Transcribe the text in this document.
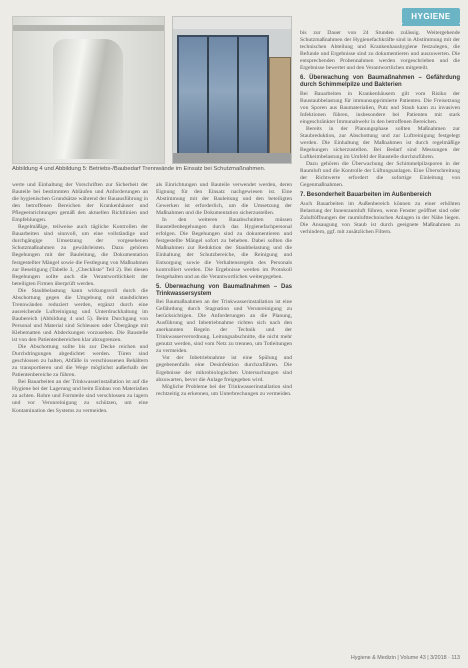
Abbildung 4 und Abbildung 5: Betriebs-/Baubedarf Trennwände im Einsatz bei Schutzmaßnahmen.
HYGIENE

werte und Einhaltung der Vorschriften zur Sicherheit der Bauteile bei bestimmten Abläufen und Anforderungen an die hygienischen Grundsätze während der Bauausführung in den betroffenen Bereichen der Krankenhäuser und Pflegeeinrichtungen gemäß den aktuellen Richtlinien und Empfehlungen.

Regelmäßige, teilweise auch tägliche Kontrollen der Bauarbeiten sind sinnvoll, um eine vollständige und durchgängige Umsetzung der vorgesehenen Schutzmaßnahmen zu gewährleisten. Dazu gehören Begehungen mit der Bauleitung, die Dokumentation festgestellter Mängel sowie die Festlegung von Maßnahmen zur Beseitigung (Tabelle 3, „Checkliste" Teil 2). Bei diesen Begehungen sollte auch die Verantwortlichkeit der beteiligten Firmen überprüft werden.

Die Staubbelastung kann wirkungsvoll durch die Abschottung gegen die Umgebung mit staubdichten Trennwänden reduziert werden, ergänzt durch eine ausreichende Luftreinigung und Unterdruckhaltung im Baubereich (Abbildung 4 und 5). Beim Durchgang von Personal und Material sind Schleusen oder Übergänge mit Klebematten und Abdeckungen vorzusehen. Die Baustelle ist von den Patientenbereichen klar abzugrenzen.

Die Abschottung sollte bis zur Decke reichen und Durchdringungen abgedichtet werden. Türen sind geschlossen zu halten, Abfälle in verschlossenen Behältern zu transportieren und die Wege möglichst außerhalb der Patientenbereiche zu führen.

Bei Bauarbeiten an der Trinkwasserinstallation ist auf die Hygiene bei der Lagerung und beim Einbau von Materialien zu achten. Rohre und Formteile sind verschlossen zu lagern und vor Verunreinigung zu schützen, um eine Kontamination des Systems zu vermeiden.

als Einrichtungen und Bauteile verwendet werden, deren Eignung für den Einsatz nachgewiesen ist. Eine Abstimmung mit der Bauleitung und den beteiligten Gewerken ist erforderlich, um die Umsetzung der Maßnahmen und die Dokumentation sicherzustellen.

In den weiteren Bauabschnitten müssen Baustellenbegehungen durch das Hygienefachpersonal erfolgen. Die Begehungen sind zu dokumentieren und festgestellte Mängel sofort zu beheben. Dabei sollten die Maßnahmen zur Reduktion der Staubbelastung und die Einhaltung der Schutzbereiche, die Reinigung und Entsorgung sowie die Verhaltensregeln des Personals kontrolliert werden. Die Ergebnisse werden im Protokoll festgehalten und an die Verantwortlichen weitergegeben.

5. Überwachung von Baumaßnahmen – Das Trinkwassersystem

Bei Baumaßnahmen an der Trinkwasserinstallation ist eine Gefährdung durch Stagnation und Verunreinigung zu berücksichtigen. Die Anforderungen an die Planung, Ausführung und Inbetriebnahme richten sich nach den anerkannten Regeln der Technik und der Trinkwasserverordnung. Leitungsabschnitte, die nicht mehr genutzt werden, sind vom Netz zu trennen, um Totleitungen zu vermeiden.

Vor der Inbetriebnahme ist eine Spülung und gegebenenfalls eine Desinfektion durchzuführen. Die Ergebnisse der mikrobiologischen Untersuchungen sind abzuwarten, bevor die Anlage freigegeben wird.

Mögliche Probleme bei der Trinkwasserinstallation sind rechtzeitig zu erkennen, um Unterbrechungen zu vermeiden.

bis zur Dauer von 24 Stunden zulässig. Weitergehende Schutzmaßnahmen der Hygienefachkräfte sind in Abstimmung mit der technischen Abteilung und Krankenhaushygiene festzulegen, die Befunde und Ergebnisse sind zu dokumentieren und auszuwerten. Die entsprechenden Probennahmen werden vorgeschrieben und die Ergebnisse bewertet und den Verantwortlichen mitgeteilt.

6. Überwachung von Baumaßnahmen – Gefährdung durch Schimmelpilze und Bakterien

Bei Bauarbeiten in Krankenhäusern gilt vom Risiko der Baustaubbelastung für immunsupprimierte Patienten. Die Freisetzung von Sporen aus Baumaterialien, Putz und Staub kann zu invasiven Infektionen führen, insbesondere bei Patienten mit stark eingeschränkter Immunabwehr in den betroffenen Bereichen.

Bereits in der Planungsphase sollten Maßnahmen zur Staubreduktion, zur Abschottung und zur Luftreinigung festgelegt werden. Die Einhaltung der Maßnahmen ist durch regelmäßige Begehungen sicherzustellen. Bei Bedarf sind Messungen der Luftkeimbelastung im Umfeld der Baustelle durchzuführen.

Dazu gehören die Überwachung der Schimmelpilzsporen in der Raumluft und die Kontrolle der Lüftungsanlagen. Eine Überschreitung der Richtwerte erfordert die sofortige Einleitung von Gegenmaßnahmen.

7. Besonderheit Bauarbeiten im Außenbereich

Auch Bauarbeiten im Außenbereich können zu einer erhöhten Belastung der Innenraumluft führen, wenn Fenster geöffnet sind oder Zuluftöffnungen der raumlufttechnischen Anlagen in der Nähe liegen. Die Ansaugung von Staub ist durch geeignete Maßnahmen zu verhindern, ggf. mit zusätzlichen Filtern.

Hygiene & Medizin | Volume 43 | 3/2018 · 113
